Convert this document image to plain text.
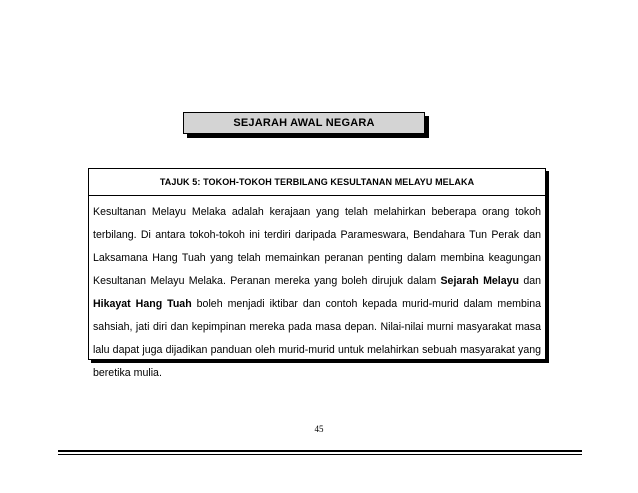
SEJARAH AWAL NEGARA
TAJUK 5: TOKOH-TOKOH TERBILANG KESULTANAN MELAYU MELAKA
Kesultanan Melayu Melaka adalah kerajaan yang telah melahirkan beberapa orang tokoh terbilang. Di antara tokoh-tokoh ini terdiri daripada Parameswara, Bendahara Tun Perak dan Laksamana Hang Tuah yang telah memainkan peranan penting dalam membina keagungan Kesultanan Melayu Melaka. Peranan mereka yang boleh dirujuk dalam Sejarah Melayu dan Hikayat Hang Tuah boleh menjadi iktibar dan contoh kepada murid-murid dalam membina sahsiah, jati diri dan kepimpinan mereka pada masa depan. Nilai-nilai murni masyarakat masa lalu dapat juga dijadikan panduan oleh murid-murid untuk melahirkan sebuah masyarakat yang beretika mulia.
45
